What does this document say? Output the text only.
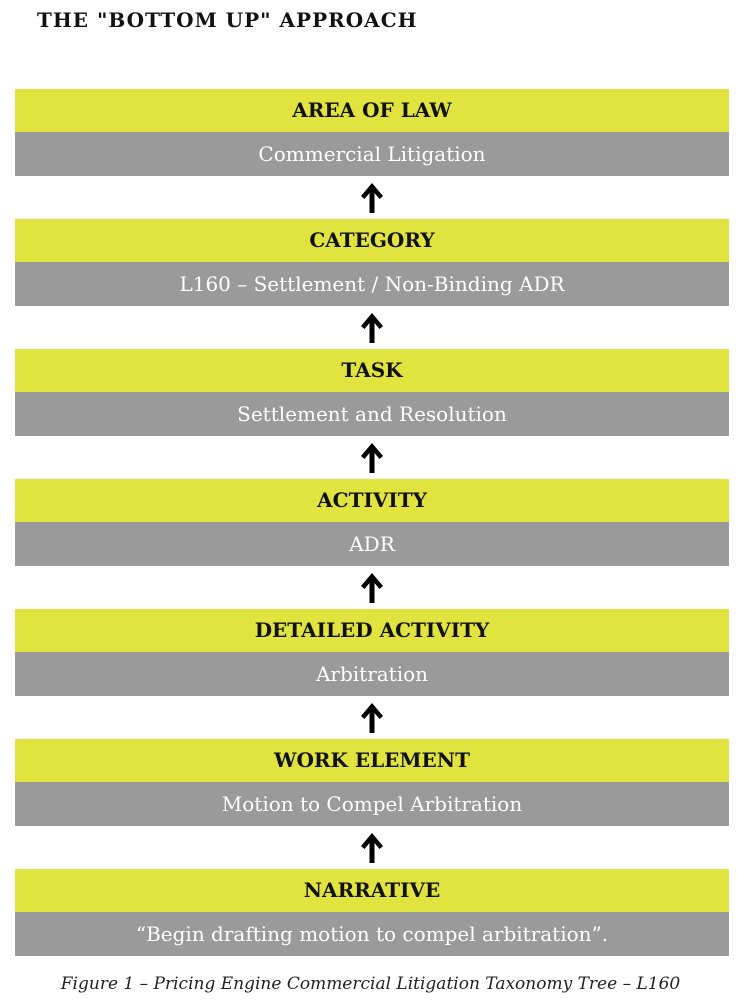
THE "BOTTOM UP" APPROACH
AREA OF LAW
Commercial Litigation
CATEGORY
L160 – Settlement / Non-Binding ADR
TASK
Settlement and Resolution
ACTIVITY
ADR
DETAILED ACTIVITY
Arbitration
WORK ELEMENT
Motion to Compel Arbitration
NARRATIVE
“Begin drafting motion to compel arbitration”.
Figure 1 – Pricing Engine Commercial Litigation Taxonomy Tree – L160
